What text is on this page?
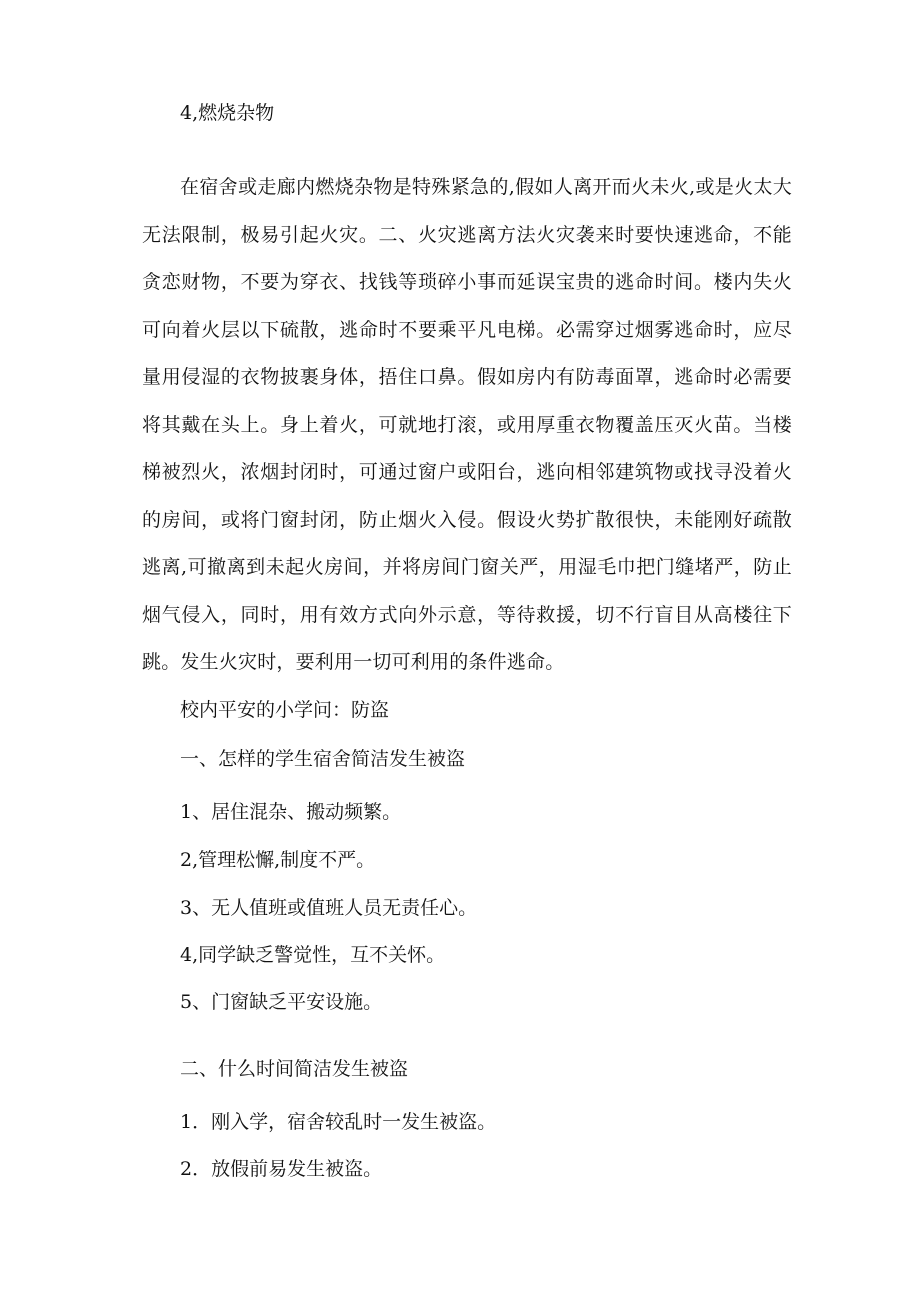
4,燃烧杂物

在宿舍或走廊内燃烧杂物是特殊紧急的,假如人离开而火未火,或是火太大无法限制，极易引起火灾。二、火灾逃离方法火灾袭来时要快速逃命，不能贪恋财物，不要为穿衣、找钱等琐碎小事而延误宝贵的逃命时间。楼内失火可向着火层以下硫散，逃命时不要乘平凡电梯。必需穿过烟雾逃命时，应尽量用侵湿的衣物披裹身体，捂住口鼻。假如房内有防毒面罩，逃命时必需要将其戴在头上。身上着火，可就地打滚，或用厚重衣物覆盖压灭火苗。当楼梯被烈火，浓烟封闭时，可通过窗户或阳台，逃向相邻建筑物或找寻没着火的房间，或将门窗封闭，防止烟火入侵。假设火势扩散很快，未能刚好疏散逃离,可撤离到未起火房间，并将房间门窗关严，用湿毛巾把门缝堵严，防止烟气侵入，同时，用有效方式向外示意，等待救援，切不行盲目从高楼往下跳。发生火灾时，要利用一切可利用的条件逃命。

校内平安的小学问：防盗

一、怎样的学生宿舍简洁发生被盗

1、居住混杂、搬动频繁。

2,管理松懈,制度不严。

3、无人值班或值班人员无责任心。

4,同学缺乏警觉性，互不关怀。

5、门窗缺乏平安设施。

二、什么时间简洁发生被盗

1．刚入学，宿舍较乱时一发生被盗。

2．放假前易发生被盗。
